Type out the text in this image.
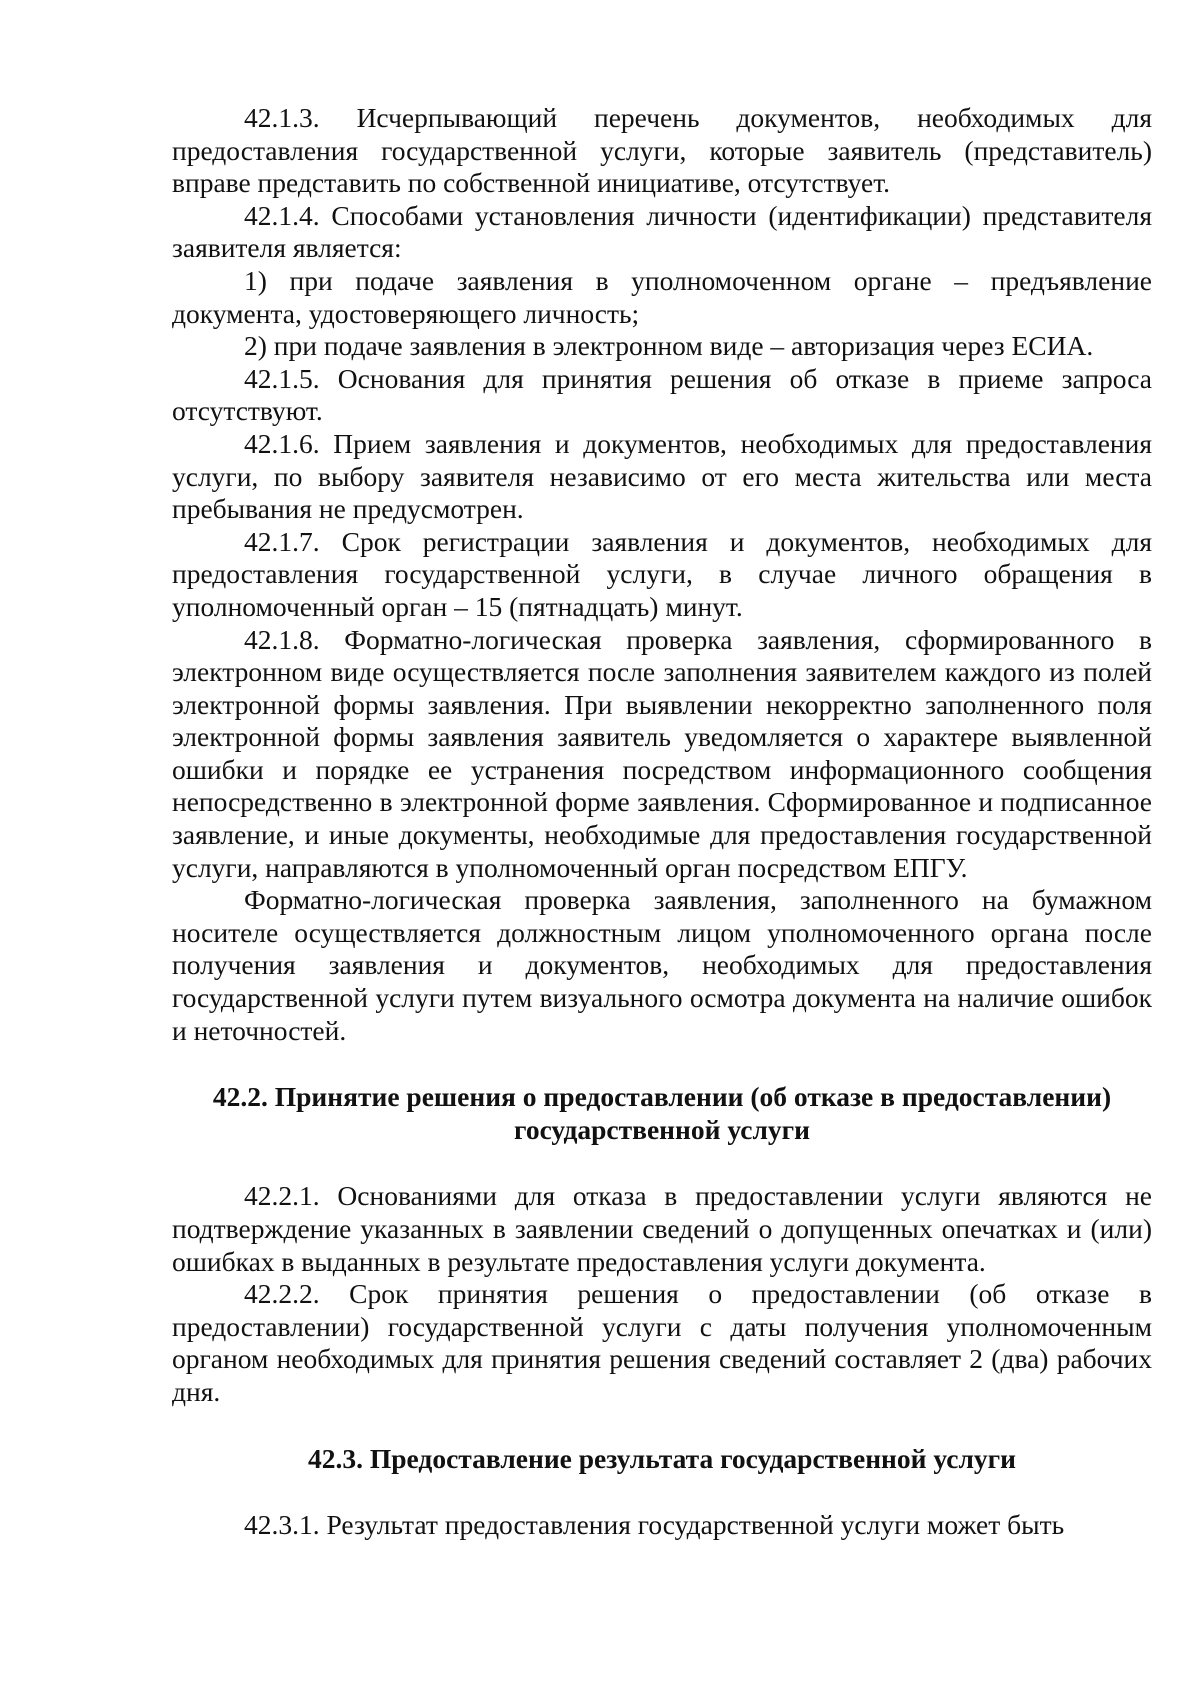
42.1.3. Исчерпывающий перечень документов, необходимых для предоставления государственной услуги, которые заявитель (представитель) вправе представить по собственной инициативе, отсутствует.

42.1.4. Способами установления личности (идентификации) представителя заявителя является:

1) при подаче заявления в уполномоченном органе – предъявление документа, удостоверяющего личность;

2) при подаче заявления в электронном виде – авторизация через ЕСИА.

42.1.5. Основания для принятия решения об отказе в приеме запроса отсутствуют.

42.1.6. Прием заявления и документов, необходимых для предоставления услуги, по выбору заявителя независимо от его места жительства или места пребывания не предусмотрен.

42.1.7. Срок регистрации заявления и документов, необходимых для предоставления государственной услуги, в случае личного обращения в уполномоченный орган – 15 (пятнадцать) минут.

42.1.8. Форматно-логическая проверка заявления, сформированного в электронном виде осуществляется после заполнения заявителем каждого из полей электронной формы заявления. При выявлении некорректно заполненного поля электронной формы заявления заявитель уведомляется о характере выявленной ошибки и порядке ее устранения посредством информационного сообщения непосредственно в электронной форме заявления. Сформированное и подписанное заявление, и иные документы, необходимые для предоставления государственной услуги, направляются в уполномоченный орган посредством ЕПГУ.

Форматно-логическая проверка заявления, заполненного на бумажном носителе осуществляется должностным лицом уполномоченного органа после получения заявления и документов, необходимых для предоставления государственной услуги путем визуального осмотра документа на наличие ошибок и неточностей.

42.2. Принятие решения о предоставлении (об отказе в предоставлении)
государственной услуги

42.2.1. Основаниями для отказа в предоставлении услуги являются не подтверждение указанных в заявлении сведений о допущенных опечатках и (или) ошибках в выданных в результате предоставления услуги документа.

42.2.2. Срок принятия решения о предоставлении (об отказе в предоставлении) государственной услуги с даты получения уполномоченным органом необходимых для принятия решения сведений составляет 2 (два) рабочих дня.

42.3. Предоставление результата государственной услуги

42.3.1. Результат предоставления государственной услуги может быть
